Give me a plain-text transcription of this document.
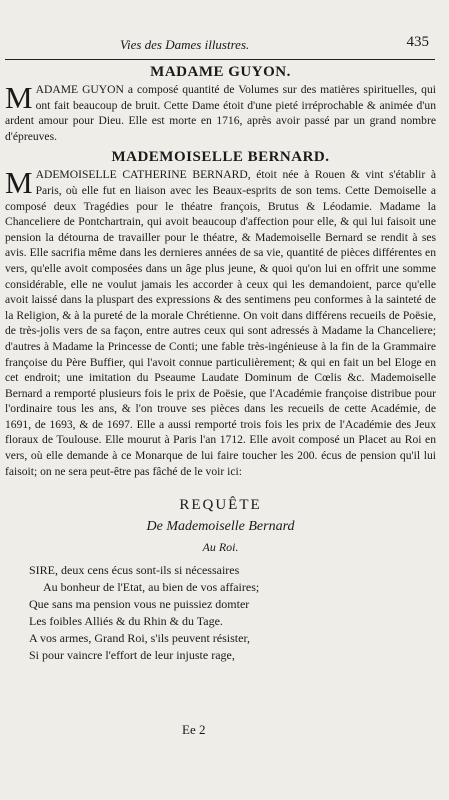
Vies des Dames illustres.	435
MADAME GUYON.

MADAME GUYON a composé quantité de Volumes sur des matières spirituelles, qui ont fait beaucoup de bruit. Cette Dame étoit d'une pieté irréprochable & animée d'un ardent amour pour Dieu. Elle est morte en 1716, après avoir passé par un grand nombre d'épreuves.

MADEMOISELLE BERNARD.

MADEMOISELLE CATHERINE BERNARD, étoit née à Rouen & vint s'établir à Paris, où elle fut en liaison avec les Beaux-esprits de son tems. Cette Demoiselle a composé deux Tragédies pour le théatre françois, Brutus & Léodamie. Madame la Chanceliere de Pontchartrain, qui avoit beaucoup d'affection pour elle, & qui lui faisoit une pension la détourna de travailler pour le théatre, & Mademoiselle Bernard se rendit à ses avis. Elle sacrifia même dans les dernieres années de sa vie, quantité de pièces différentes en vers, qu'elle avoit composées dans un âge plus jeune, & quoi qu'on lui en offrit une somme considérable, elle ne voulut jamais les accorder à ceux qui les demandoient, parce qu'elle avoit laissé dans la pluspart des expressions & des sentimens peu conformes à la sainteté de la Religion, & à la pureté de la morale Chrétienne. On voit dans différens recueils de Poësie, de très-jolis vers de sa façon, entre autres ceux qui sont adressés à Madame la Chanceliere; d'autres à Madame la Princesse de Conti; une fable très-ingénieuse à la fin de la Grammaire françoise du Père Buffier, qui l'avoit connue particulièrement; & qui en fait un bel Eloge en cet endroit; une imitation du Pseaume Laudate Dominum de Cœlis &c. Mademoiselle Bernard a remporté plusieurs fois le prix de Poësie, que l'Académie françoise distribue pour l'ordinaire tous les ans, & l'on trouve ses pièces dans les recueils de cette Académie, de 1691, de 1693, & de 1697. Elle a aussi remporté trois fois les prix de l'Académie des Jeux floraux de Toulouse. Elle mourut à Paris l'an 1712. Elle avoit composé un Placet au Roi en vers, où elle demande à ce Monarque de lui faire toucher les 200. écus de pension qu'il lui faisoit; on ne sera peut-être pas fâché de le voir ici:

REQUÊTE
De Mademoiselle Bernard
Au Roi.

SIRE, deux cens écus sont-ils si nécessaires

Au bonheur de l'Etat, au bien de vos affaires;

Que sans ma pension vous ne puissiez domter

Les foibles Alliés & du Rhin & du Tage.

A vos armes, Grand Roi, s'ils peuvent résister,

Si pour vaincre l'effort de leur injuste rage,

Ee 2
